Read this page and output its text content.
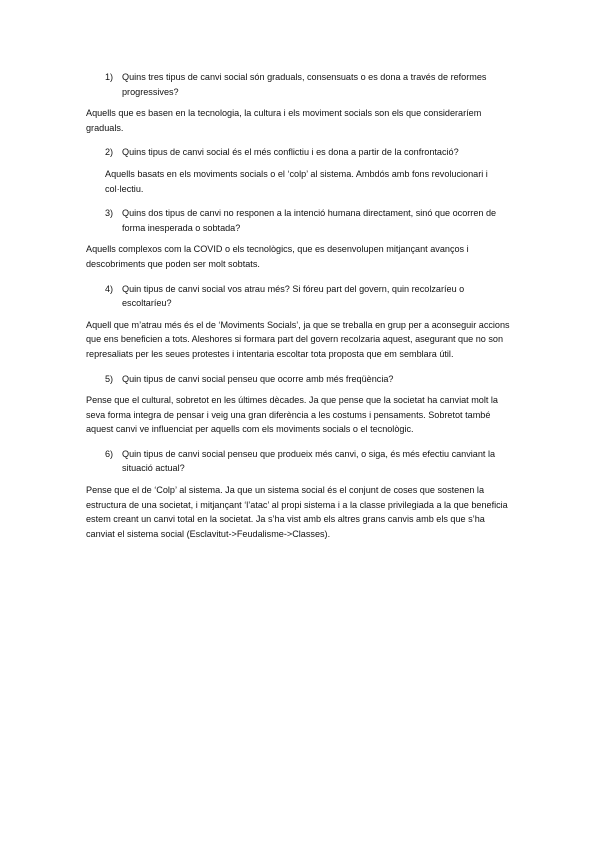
1) Quins tres tipus de canvi social són graduals, consensuats o es dona a través de reformes progressives?

Aquells que es basen en la tecnologia, la cultura i els moviment socials son els que consideraríem graduals.

2) Quins tipus de canvi social és el més conflictiu i es dona a partir de la confrontació?

Aquells basats en els moviments socials o el ‘colp’ al sistema. Ambdós amb fons revolucionari i col·lectiu.

3) Quins dos tipus de canvi no responen a la intenció humana directament, sinó que ocorren de forma inesperada o sobtada?

Aquells complexos com la COVID o els tecnològics, que es desenvolupen mitjançant avanços i descobriments que poden ser molt sobtats.

4) Quin tipus de canvi social vos atrau més? Si fóreu part del govern, quin recolzaríeu o escoltaríeu?

Aquell que m’atrau més és el de ‘Moviments Socials’, ja que se treballa en grup per a aconseguir accions que ens beneficien a tots. Aleshores si formara part del govern recolzaria aquest, asegurant que no son represaliats per les seues protestes i intentaria escoltar tota proposta que em semblara útil.

5) Quin tipus de canvi social penseu que ocorre amb més freqüència?

Pense que el cultural, sobretot en les últimes dècades. Ja que pense que la societat ha canviat molt la seva forma integra de pensar i veig una gran diferència a les costums i pensaments. Sobretot també aquest canvi ve influenciat per aquells com els moviments socials o el tecnològic.

6) Quin tipus de canvi social penseu que produeix més canvi, o siga, és més efectiu canviant la situació actual?

Pense que el de ‘Colp’ al sistema. Ja que un sistema social és el conjunt de coses que sostenen la estructura de una societat, i mitjançant ‘l’atac’ al propi sistema i a la classe privilegiada a la que beneficia estem creant un canvi total en la societat. Ja s’ha vist amb els altres grans canvis amb els que s’ha canviat el sistema social (Esclavitut->Feudalisme->Classes).
